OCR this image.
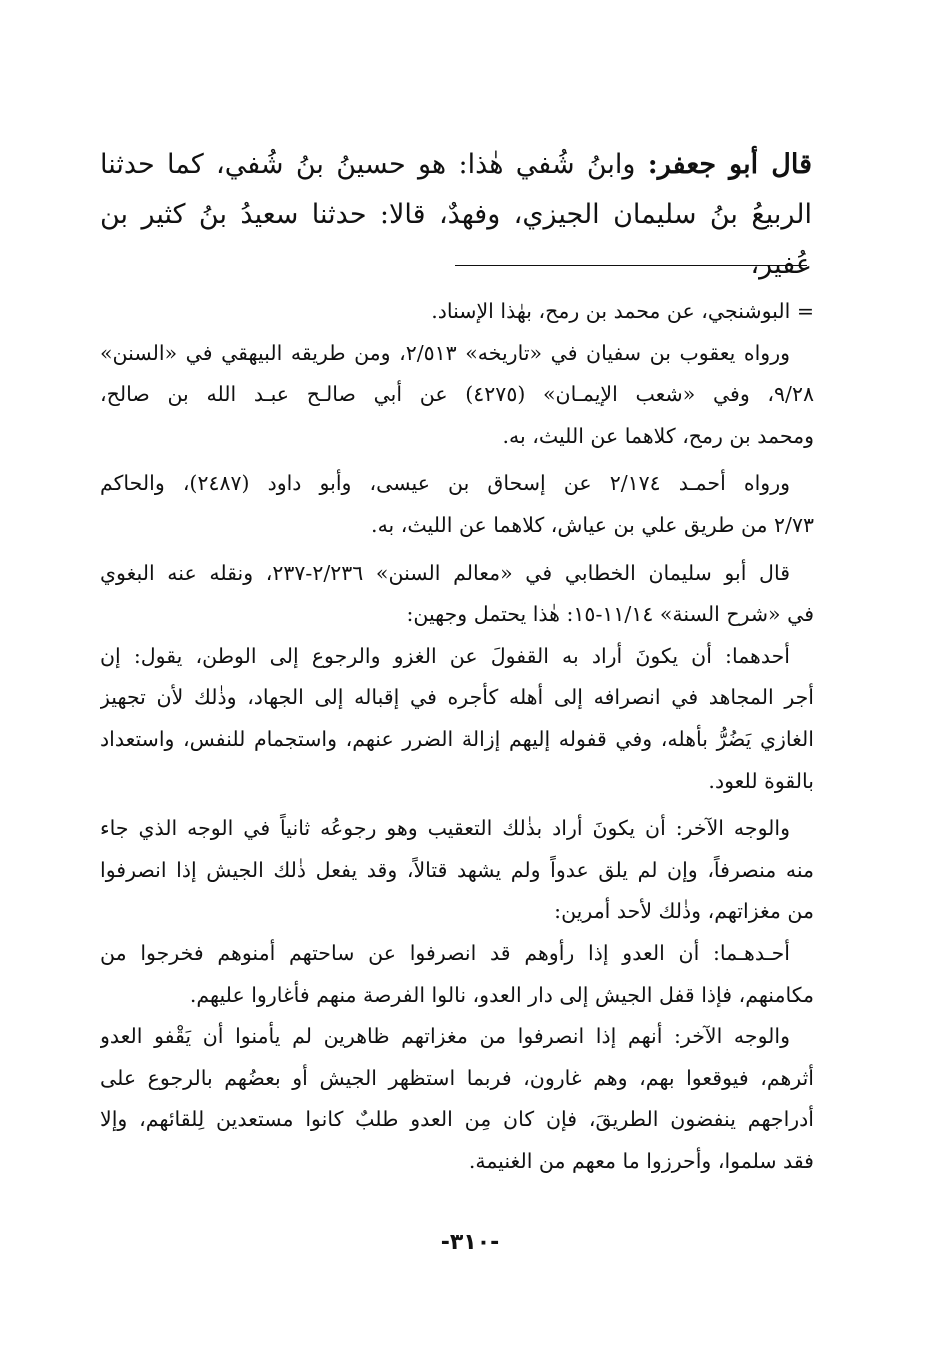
قال أبو جعفر: وابنُ شُفي هٰذا: هو حسينُ بنُ شُفي، كما حدثنا الربيعُ بنُ سليمان الجيزي، وفهدٌ، قالا: حدثنا سعيدُ بنُ كثير بن عُفير،

= البوشنجي، عن محمد بن رمح، بهٰذا الإسناد.
ورواه يعقوب بن سفيان في «تاريخه» ٢/٥١٣، ومن طريقه البيهقي في «السنن»
٩/٢٨، وفي «شعب الإيمـان» (٤٢٧٥) عن أبي صالـح عبـد الله بن صالح،
ومحمد بن رمح، كلاهما عن الليث، به.
ورواه أحمـد ٢/١٧٤ عن إسحاق بن عيسى، وأبو داود (٢٤٨٧)، والحاكم
٢/٧٣ من طريق علي بن عياش، كلاهما عن الليث، به.
قال أبو سليمان الخطابي في «معالم السنن» ٢/٢٣٦-٢٣٧، ونقله عنه البغوي
في «شرح السنة» ١١/١٤-١٥: هٰذا يحتمل وجهين:
أحدهما: أن يكونَ أراد به القفولَ عن الغزو والرجوع إلى الوطن، يقول: إن
أجر المجاهد في انصرافه إلى أهله كأجره في إقباله إلى الجهاد، وذٰلك لأن تجهيز
الغازي يَضُرُّ بأهله، وفي قفوله إليهم إزالة الضرر عنهم، واستجمام للنفس، واستعداد
بالقوة للعود.
والوجه الآخر: أن يكونَ أراد بذٰلك التعقيب وهو رجوعُه ثانياً في الوجه الذي جاء
منه منصرفاً، وإن لم يلق عدواً ولم يشهد قتالاً، وقد يفعل ذٰلك الجيش إذا انصرفوا
من مغزاتهم، وذٰلك لأحد أمرين:
أحـدهـما: أن العدو إذا رأوهم قد انصرفوا عن ساحتهم أمنوهم فخرجوا من
مكامنهم، فإذا قفل الجيش إلى دار العدو، نالوا الفرصة منهم فأغاروا عليهم.
والوجه الآخر: أنهم إذا انصرفوا من مغزاتهم ظاهرين لم يأمنوا أن يَقْفو العدو
أثرهم، فيوقعوا بهم، وهم غارون، فربما استظهر الجيش أو بعضُهم بالرجوع على
أدراجهم ينفضون الطريقَ، فإن كان مِن العدو طلبٌ كانوا مستعدين لِلقائهم، وإلا
فقد سلموا، وأحرزوا ما معهم من الغنيمة.
-٣١٠-
